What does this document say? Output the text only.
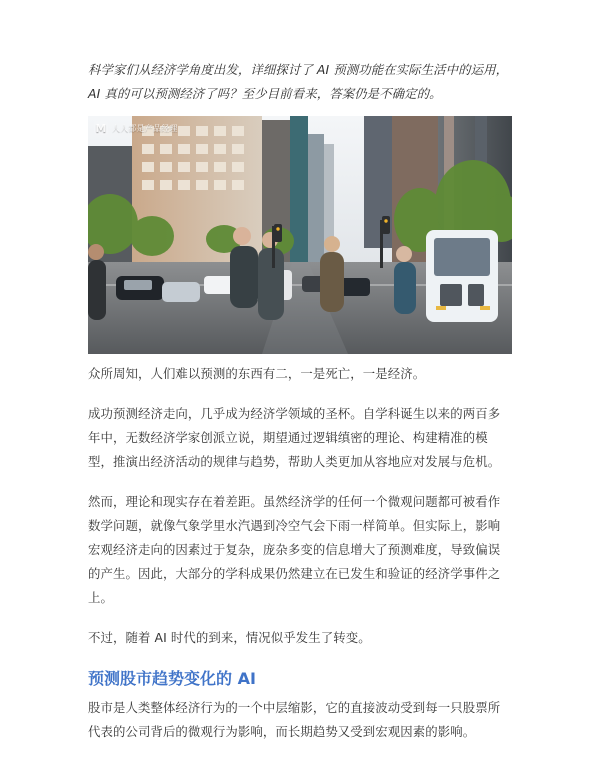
科学家们从经济学角度出发，详细探讨了 AI 预测功能在实际生活中的运用，AI 真的可以预测经济了吗？至少目前看来，答案仍是不确定的。

M 人人都是产品经理

众所周知，人们难以预测的东西有二，一是死亡，一是经济。

成功预测经济走向，几乎成为经济学领域的圣杯。自学科诞生以来的两百多年中，无数经济学家创派立说，期望通过逻辑缜密的理论、构建精准的模型，推演出经济活动的规律与趋势，帮助人类更加从容地应对发展与危机。

然而，理论和现实存在着差距。虽然经济学的任何一个微观问题都可被看作数学问题，就像气象学里水汽遇到冷空气会下雨一样简单。但实际上，影响宏观经济走向的因素过于复杂，庞杂多变的信息增大了预测难度，导致偏误的产生。因此，大部分的学科成果仍然建立在已发生和验证的经济学事件之上。

不过，随着 AI 时代的到来，情况似乎发生了转变。

预测股市趋势变化的 AI

股市是人类整体经济行为的一个中层缩影，它的直接波动受到每一只股票所代表的公司背后的微观行为影响，而长期趋势又受到宏观因素的影响。
